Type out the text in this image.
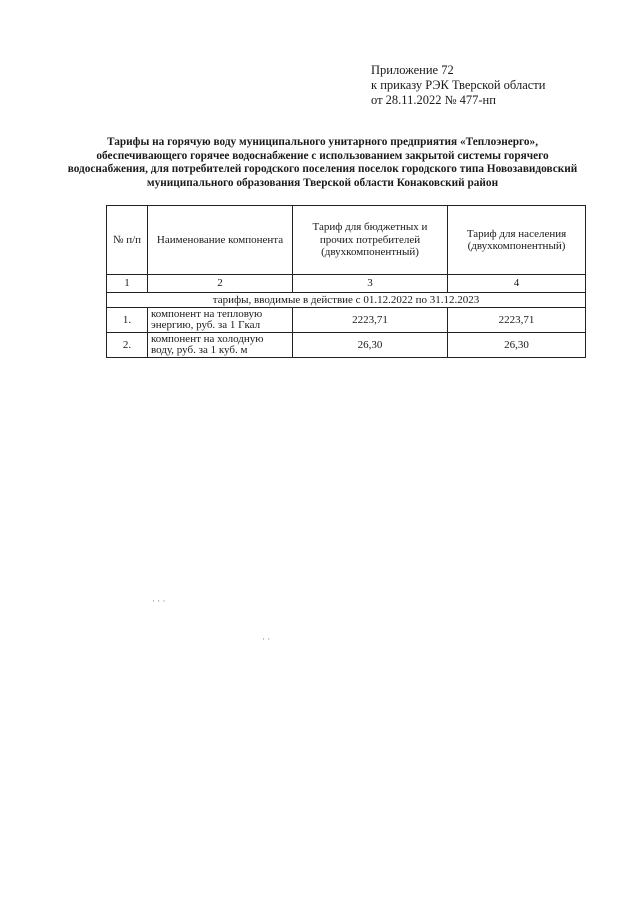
Приложение 72
к приказу РЭК Тверской области
от 28.11.2022 № 477-нп
Тарифы на горячую воду муниципального унитарного предприятия «Теплоэнерго»,
обеспечивающего горячее водоснабжение с использованием закрытой системы горячего
водоснабжения, для потребителей городского поселения поселок городского типа Новозавидовский
муниципального образования Тверской области Конаковский район
№ п/п	Наименование компонента	Тариф для бюджетных и прочих потребителей (двухкомпонентный)	Тариф для населения (двухкомпонентный)
1	2	3	4
тарифы, вводимые в действие с 01.12.2022 по 31.12.2023			
1.	компонент на тепловую энергию, руб. за 1 Гкал	2223,71	2223,71
2.	компонент на холодную воду, руб. за 1 куб. м	26,30	26,30
· · ·
· ·
